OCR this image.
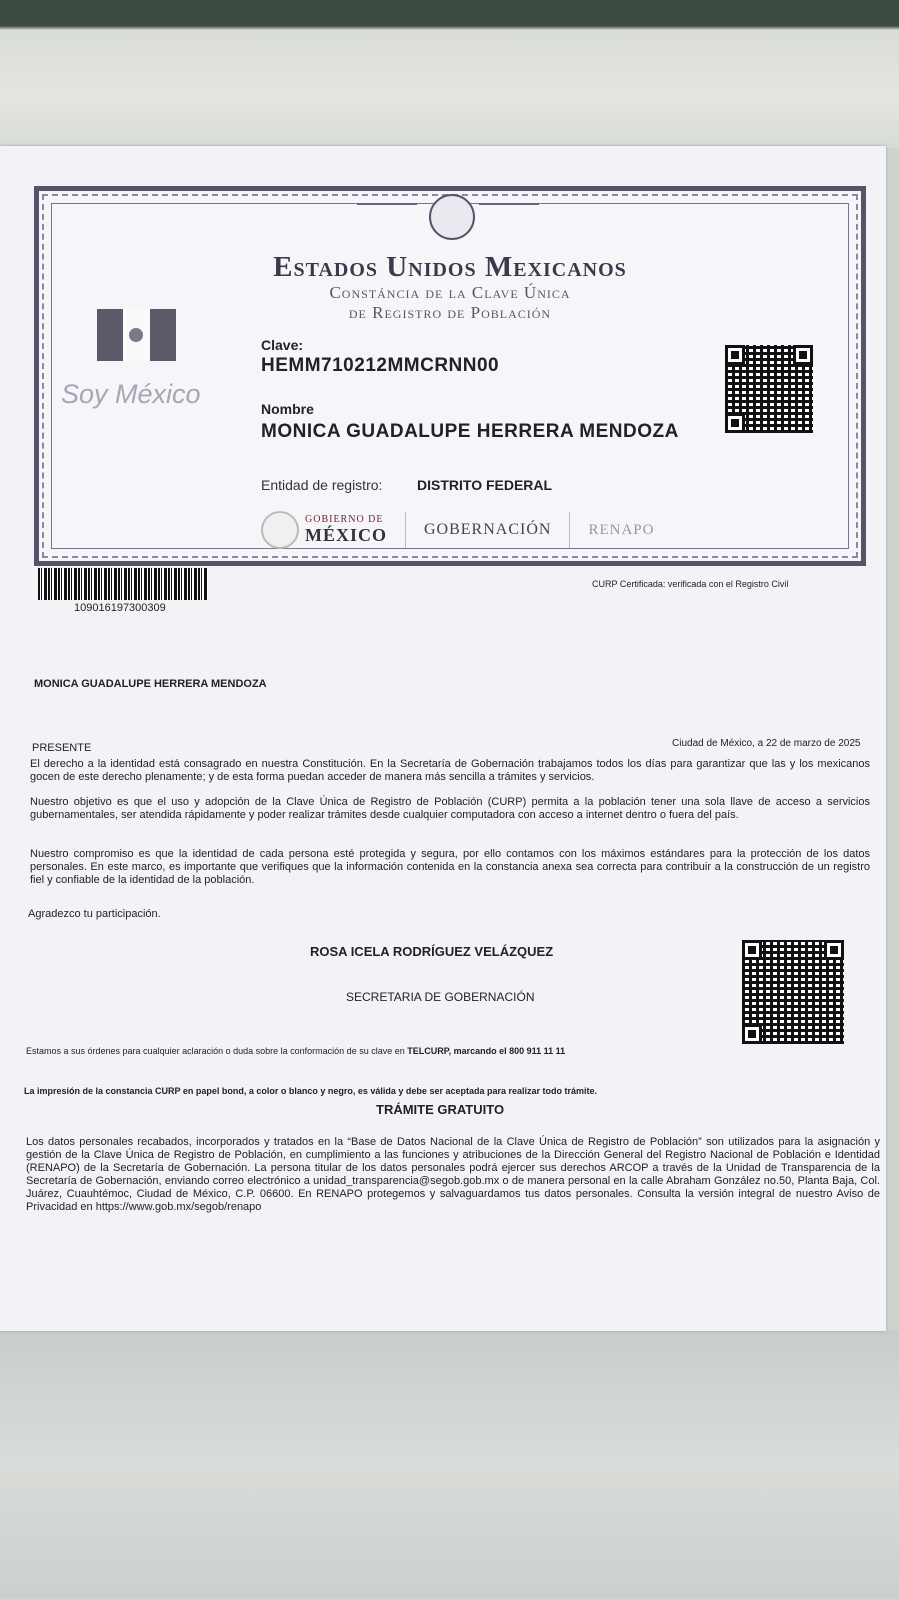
Estados Unidos Mexicanos
Constáncia de la Clave Única
de Registro de Población
Soy México
Clave:
HEMM710212MMCRNN00
Nombre
MONICA GUADALUPE HERRERA MENDOZA
Entidad de registro: DISTRITO FEDERAL
GOBIERNO DE
MÉXICO GOBERNACIÓN RENAPO
109016197300309
CURP Certificada: verificada con el Registro Civil
MONICA GUADALUPE HERRERA MENDOZA
PRESENTE	Ciudad de México, a 22 de marzo de 2025
El derecho a la identidad está consagrado en nuestra Constitución. En la Secretaría de Gobernación trabajamos todos los días para garantizar que las y los mexicanos gocen de este derecho plenamente; y de esta forma puedan acceder de manera más sencilla a trámites y servicios.
Nuestro objetivo es que el uso y adopción de la Clave Única de Registro de Población (CURP) permita a la población tener una sola llave de acceso a servicios gubernamentales, ser atendida rápidamente y poder realizar trámites desde cualquier computadora con acceso a internet dentro o fuera del país.
Nuestro compromiso es que la identidad de cada persona esté protegida y segura, por ello contamos con los máximos estándares para la protección de los datos personales. En este marco, es importante que verifiques que la información contenida en la constancia anexa sea correcta para contribuir a la construcción de un registro fiel y confiable de la identidad de la población.
Agradezco tu participación.
ROSA ICELA RODRÍGUEZ VELÁZQUEZ
SECRETARIA DE GOBERNACIÓN
Estamos a sus órdenes para cualquier aclaración o duda sobre la conformación de su clave en TELCURP, marcando el 800 911 11 11
La impresión de la constancia CURP en papel bond, a color o blanco y negro, es válida y debe ser aceptada para realizar todo trámite.
TRÁMITE GRATUITO
Los datos personales recabados, incorporados y tratados en la “Base de Datos Nacional de la Clave Única de Registro de Población” son utilizados para la asignación y gestión de la Clave Única de Registro de Población, en cumplimiento a las funciones y atribuciones de la Dirección General del Registro Nacional de Población e Identidad (RENAPO) de la Secretaría de Gobernación. La persona titular de los datos personales podrá ejercer sus derechos ARCOP a través de la Unidad de Transparencia de la Secretaría de Gobernación, enviando correo electrónico a unidad_transparencia@segob.gob.mx o de manera personal en la calle Abraham González no.50, Planta Baja, Col. Juárez, Cuauhtémoc, Ciudad de México, C.P. 06600. En RENAPO protegemos y salvaguardamos tus datos personales. Consulta la versión integral de nuestro Aviso de Privacidad en https://www.gob.mx/segob/renapo
